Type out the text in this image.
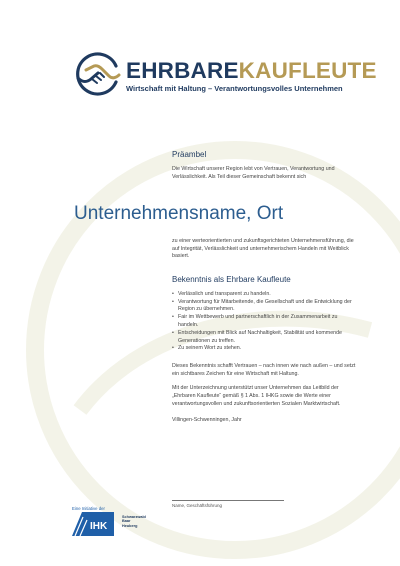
EHRBAREKAUFLEUTE
Wirtschaft mit Haltung – Verantwortungsvolles Unternehmen

Präambel

Die Wirtschaft unserer Region lebt von Vertrauen, Verantwortung und Verlässlichkeit. Als Teil dieser Gemeinschaft bekennt sich

Unternehmensname, Ort

zu einer werteorientierten und zukunftsgerichteten Unternehmensführung, die auf Integrität, Verlässlichkeit und unternehmerischem Handeln mit Weitblick basiert.

Bekenntnis als Ehrbare Kaufleute

• Verlässlich und transparent zu handeln.
• Verantwortung für Mitarbeitende, die Gesellschaft und die Entwicklung der Region zu übernehmen.
• Fair im Wettbewerb und partnerschaftlich in der Zusammenarbeit zu handeln.
• Entscheidungen mit Blick auf Nachhaltigkeit, Stabilität und kommende Generationen zu treffen.
• Zu seinem Wort zu stehen.

Dieses Bekenntnis schafft Vertrauen – nach innen wie nach außen – und setzt ein sichtbares Zeichen für eine Wirtschaft mit Haltung.

Mit der Unterzeichnung unterstützt unser Unternehmen das Leitbild der „Ehrbaren Kaufleute“ gemäß § 1 Abs. 1 IHKG sowie die Werte einer verantwortungsvollen und zukunftsorientierten Sozialen Marktwirtschaft.

Villingen-Schwenningen, Jahr

Name, Geschäftsführung
Eine Initiative der
IHK
Schwarzwald
Baar
Heuberg
